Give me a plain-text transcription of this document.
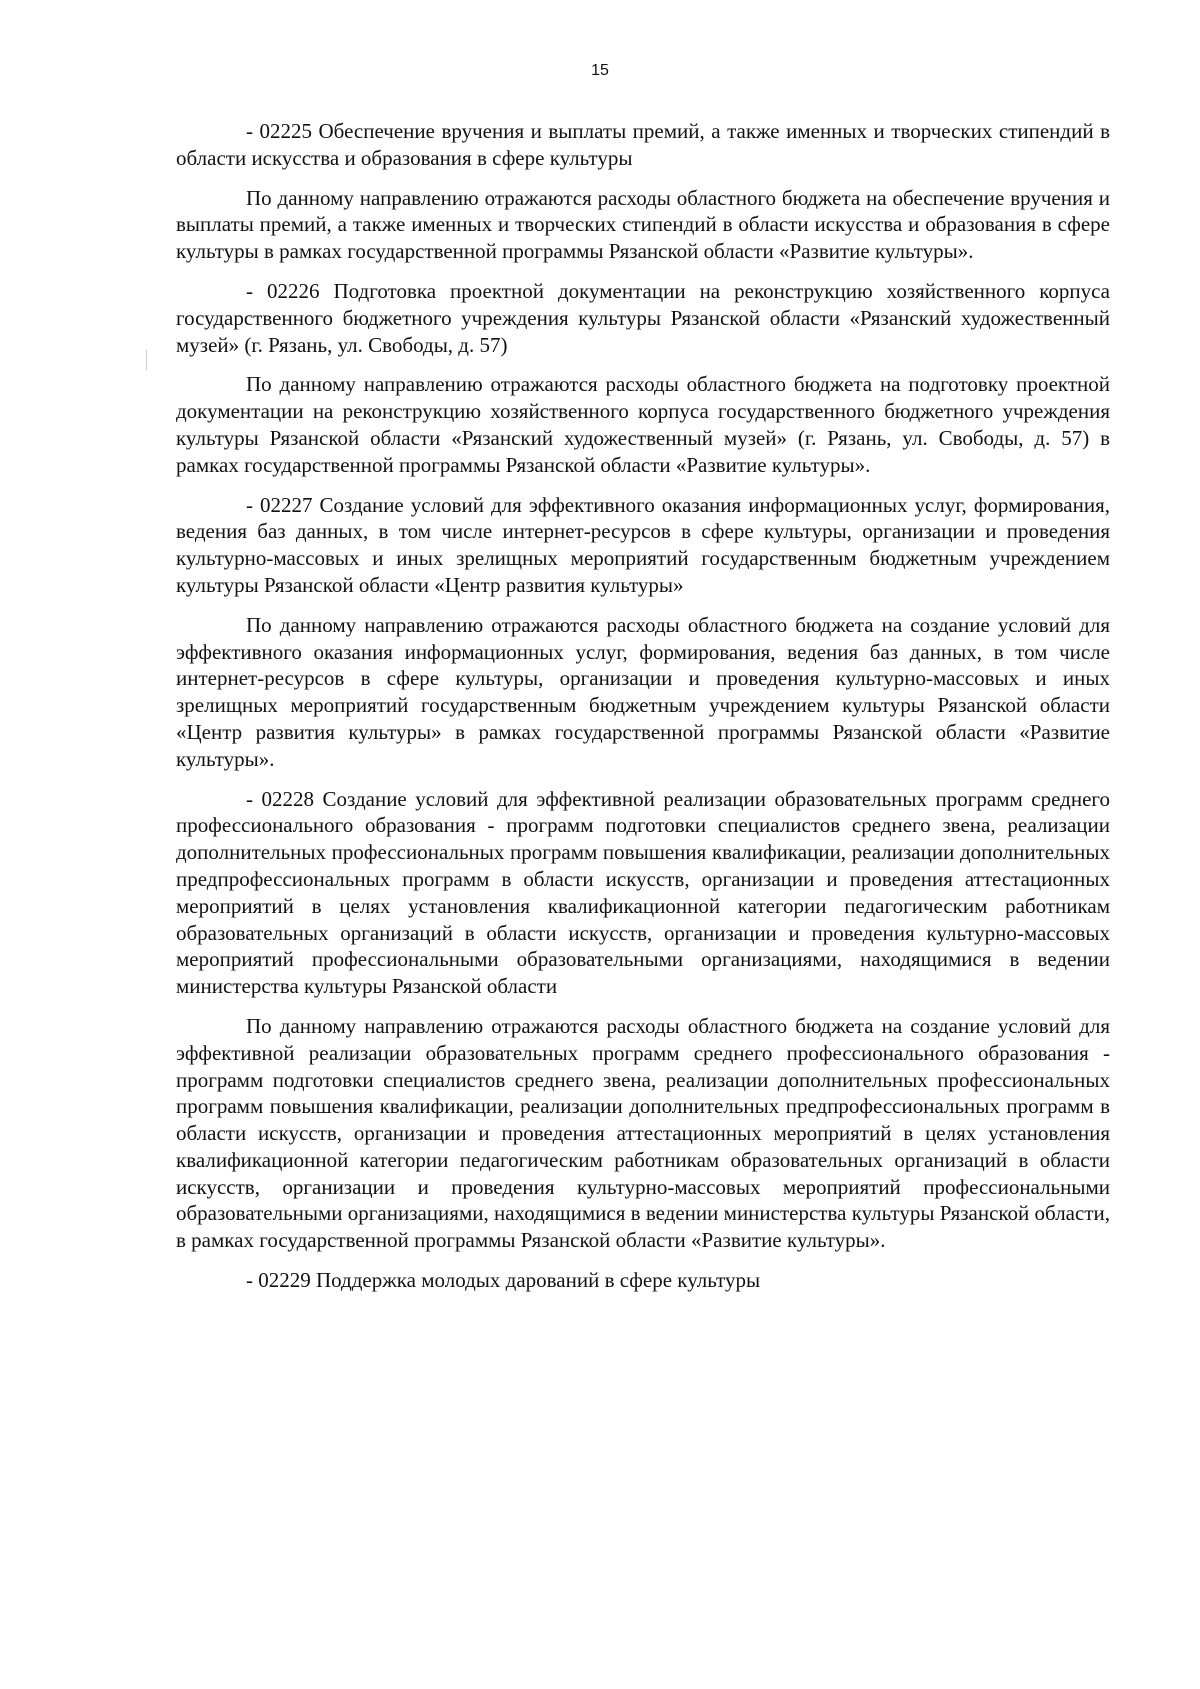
15

- 02225 Обеспечение вручения и выплаты премий, а также именных и творческих стипендий в области искусства и образования в сфере культуры

По данному направлению отражаются расходы областного бюджета на обеспечение вручения и выплаты премий, а также именных и творческих стипендий в области искусства и образования в сфере культуры в рамках государственной программы Рязанской области «Развитие культуры».

- 02226 Подготовка проектной документации на реконструкцию хозяйственного корпуса государственного бюджетного учреждения культуры Рязанской области «Рязанский художественный музей» (г. Рязань, ул. Свободы, д. 57)

По данному направлению отражаются расходы областного бюджета на подготовку проектной документации на реконструкцию хозяйственного корпуса государственного бюджетного учреждения культуры Рязанской области «Рязанский художественный музей» (г. Рязань, ул. Свободы, д. 57) в рамках государственной программы Рязанской области «Развитие культуры».

- 02227 Создание условий для эффективного оказания информационных услуг, формирования, ведения баз данных, в том числе интернет-ресурсов в сфере культуры, организации и проведения культурно-массовых и иных зрелищных мероприятий государственным бюджетным учреждением культуры Рязанской области «Центр развития культуры»

По данному направлению отражаются расходы областного бюджета на создание условий для эффективного оказания информационных услуг, формирования, ведения баз данных, в том числе интернет-ресурсов в сфере культуры, организации и проведения культурно-массовых и иных зрелищных мероприятий государственным бюджетным учреждением культуры Рязанской области «Центр развития культуры» в рамках государственной программы Рязанской области «Развитие культуры».

- 02228 Создание условий для эффективной реализации образовательных программ среднего профессионального образования - программ подготовки специалистов среднего звена, реализации дополнительных профессиональных программ повышения квалификации, реализации дополнительных предпрофессиональных программ в области искусств, организации и проведения аттестационных мероприятий в целях установления квалификационной категории педагогическим работникам образовательных организаций в области искусств, организации и проведения культурно-массовых мероприятий профессиональными образовательными организациями, находящимися в ведении министерства культуры Рязанской области

По данному направлению отражаются расходы областного бюджета на создание условий для эффективной реализации образовательных программ среднего профессионального образования - программ подготовки специалистов среднего звена, реализации дополнительных профессиональных программ повышения квалификации, реализации дополнительных предпрофессиональных программ в области искусств, организации и проведения аттестационных мероприятий в целях установления квалификационной категории педагогическим работникам образовательных организаций в области искусств, организации и проведения культурно-массовых мероприятий профессиональными образовательными организациями, находящимися в ведении министерства культуры Рязанской области, в рамках государственной программы Рязанской области «Развитие культуры».

- 02229 Поддержка молодых дарований в сфере культуры
